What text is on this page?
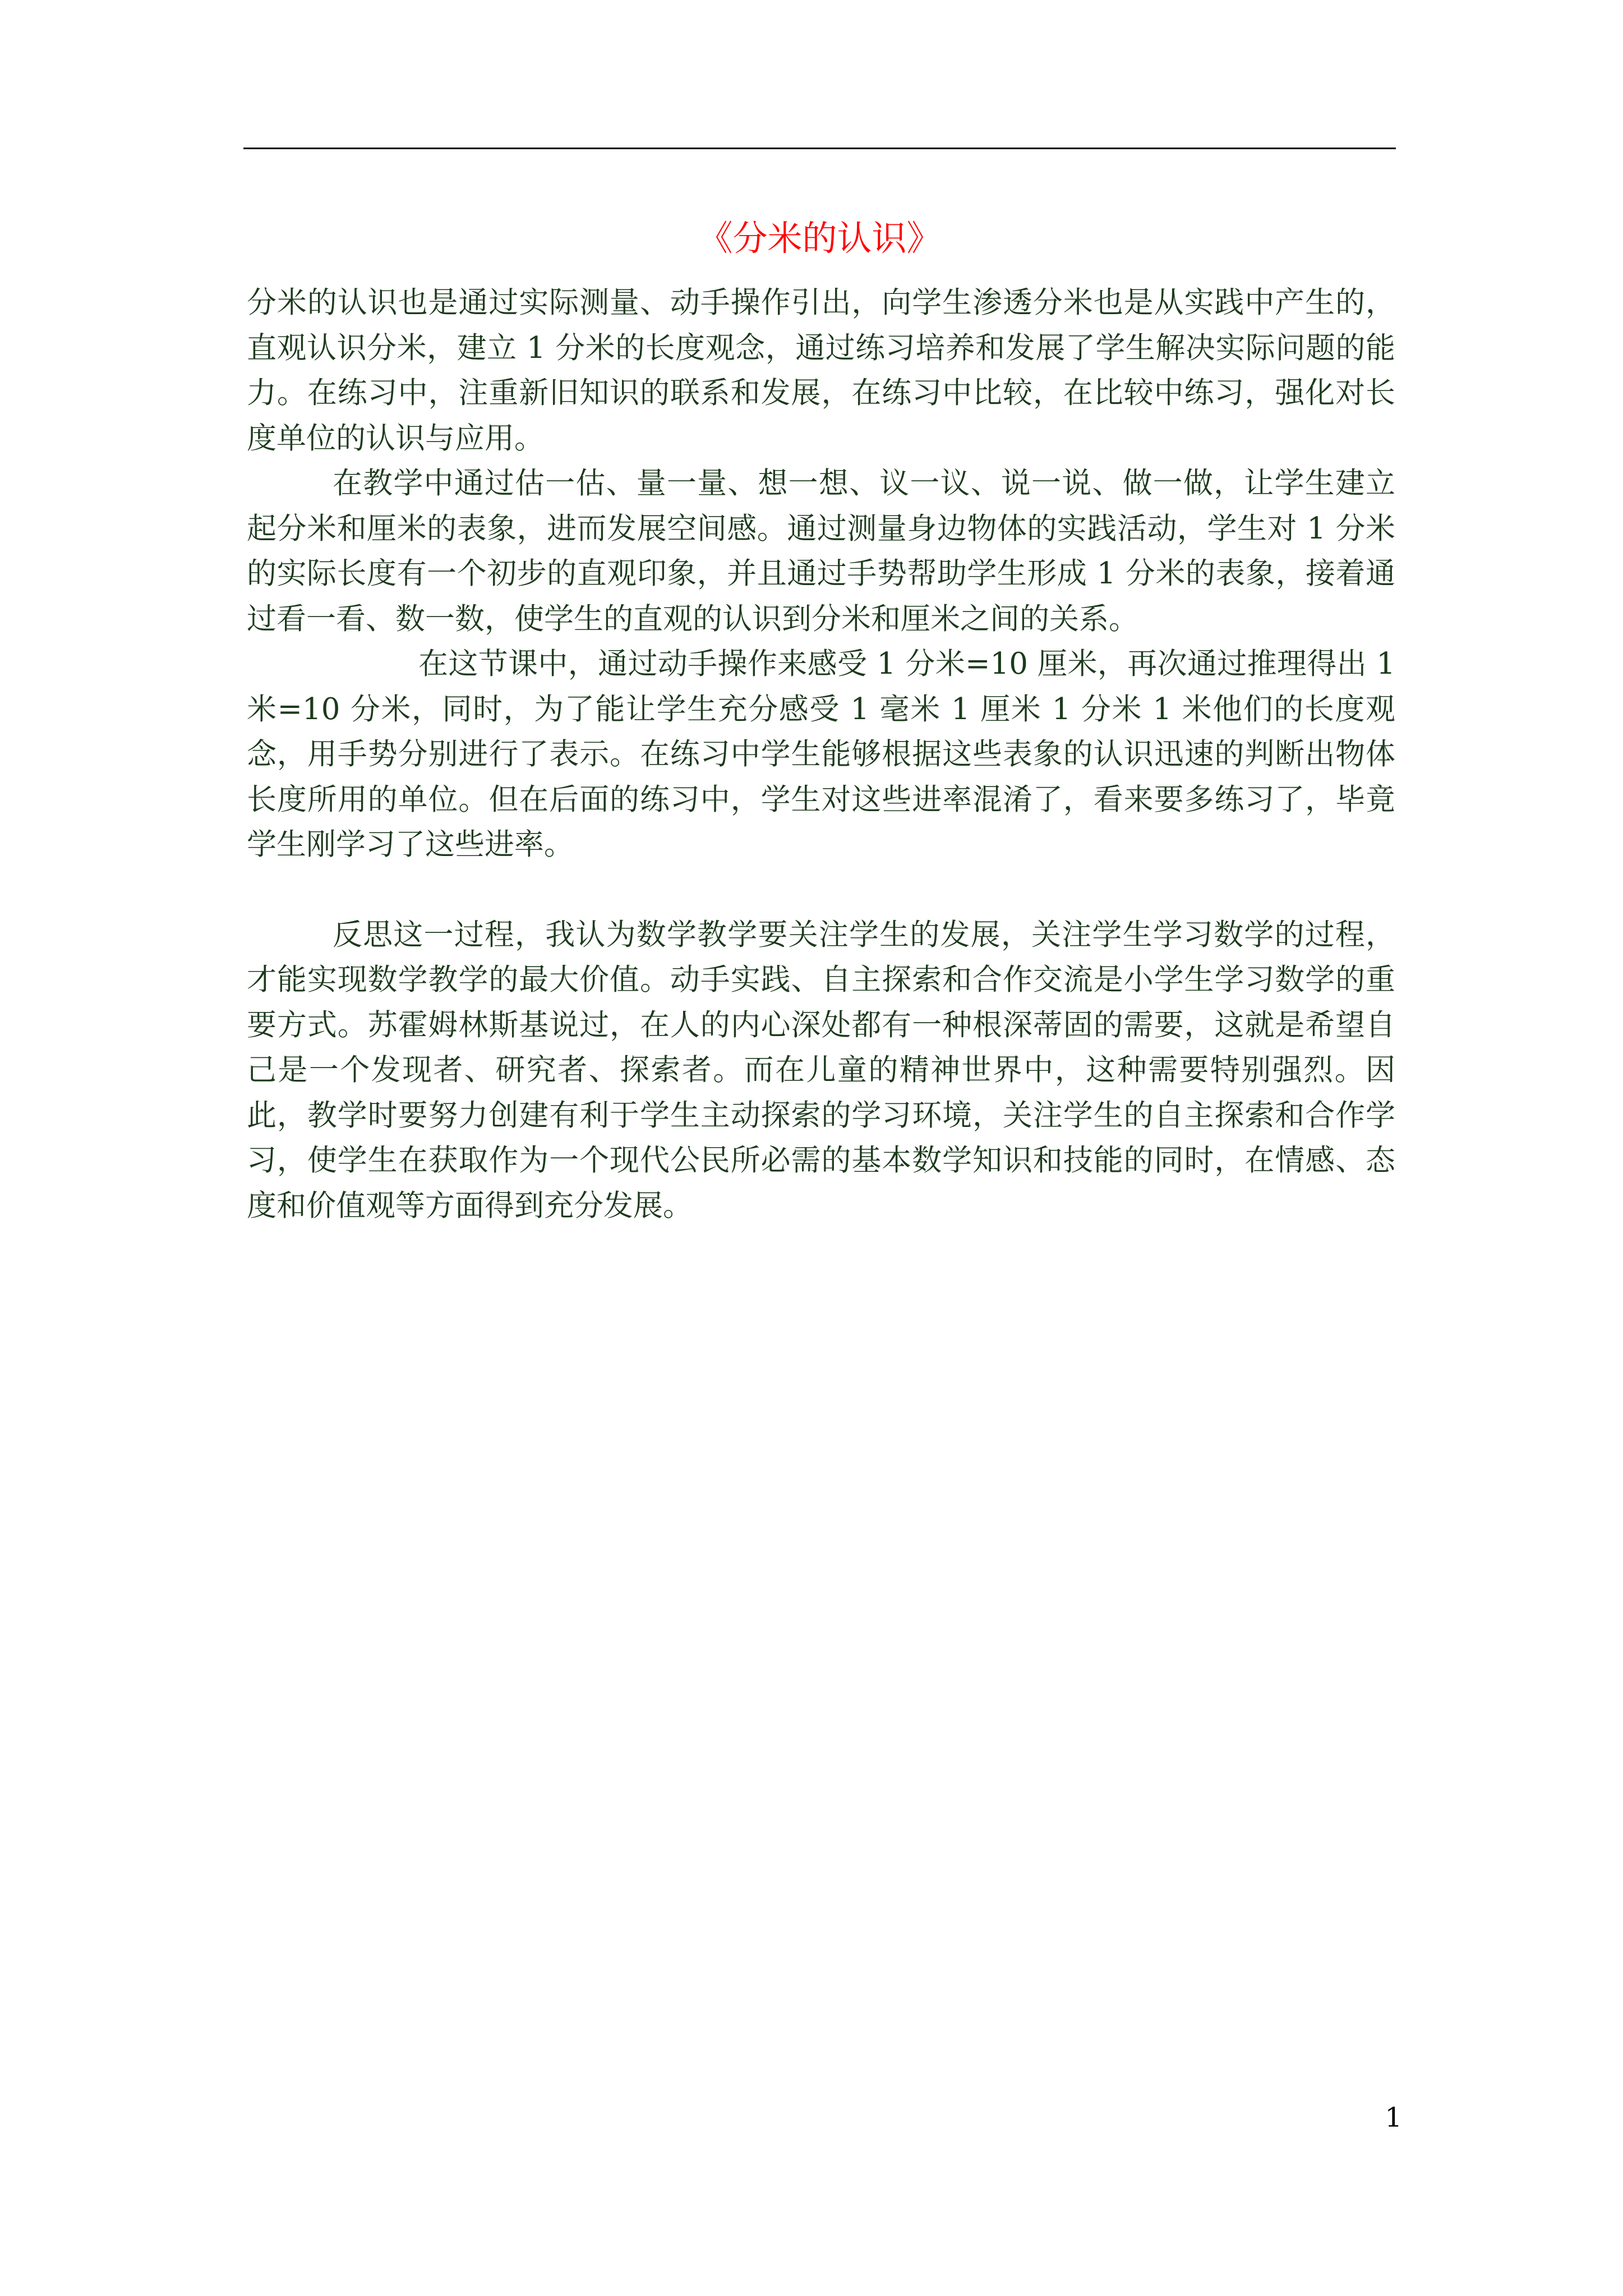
《分米的认识》

分米的认识也是通过实际测量、动手操作引出，向学生渗透分米也是从实践中产生的，直观认识分米，建立 1 分米的长度观念，通过练习培养和发展了学生解决实际问题的能力。在练习中，注重新旧知识的联系和发展，在练习中比较，在比较中练习，强化对长度单位的认识与应用。

在教学中通过估一估、量一量、想一想、议一议、说一说、做一做，让学生建立起分米和厘米的表象，进而发展空间感。通过测量身边物体的实践活动，学生对 1 分米的实际长度有一个初步的直观印象，并且通过手势帮助学生形成 1 分米的表象，接着通过看一看、数一数，使学生的直观的认识到分米和厘米之间的关系。

在这节课中，通过动手操作来感受 1 分米=10 厘米，再次通过推理得出 1 米=10 分米，同时，为了能让学生充分感受 1 毫米 1 厘米 1 分米 1 米他们的长度观念，用手势分别进行了表示。在练习中学生能够根据这些表象的认识迅速的判断出物体长度所用的单位。但在后面的练习中，学生对这些进率混淆了，看来要多练习了，毕竟学生刚学习了这些进率。

反思这一过程，我认为数学教学要关注学生的发展，关注学生学习数学的过程，才能实现数学教学的最大价值。动手实践、自主探索和合作交流是小学生学习数学的重要方式。苏霍姆林斯基说过，在人的内心深处都有一种根深蒂固的需要，这就是希望自己是一个发现者、研究者、探索者。而在儿童的精神世界中，这种需要特别强烈。因此，教学时要努力创建有利于学生主动探索的学习环境，关注学生的自主探索和合作学习，使学生在获取作为一个现代公民所必需的基本数学知识和技能的同时，在情感、态度和价值观等方面得到充分发展。

1
